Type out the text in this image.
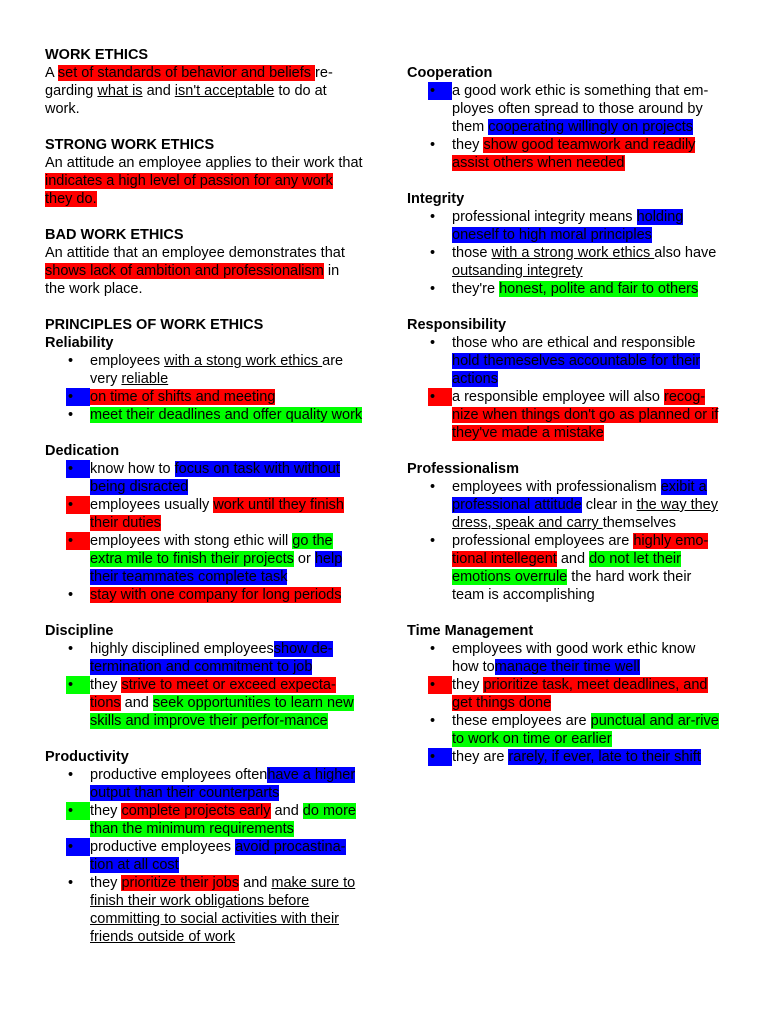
WORK ETHICS

A set of standards of behavior and beliefs re-garding what is and isn't acceptable to do at work.

STRONG WORK ETHICS

An attitude an employee applies to their work that indicates a high level of passion for any work they do.

BAD WORK ETHICS

An attitide that an employee demonstrates that shows lack of ambition and professionalism in the work place.

PRINCIPLES OF WORK ETHICS
Reliability
•
employees with a stong work ethics are very reliable
•
on time of shifts and meeting
•
meet their deadlines and offer quality work
Dedication
•
know how to focus on task with without being disracted
•
employees usually work until they finish their duties
•
employees with stong ethic will go the extra mile to finish their projects or help their teammates complete task
•
stay with one company for long periods
Discipline
•
highly disciplined employeesshow de-termination and commitment to job
•
they strive to meet or exceed expecta-tions and seek opportunities to learn new skills and improve their perfor-mance
Productivity
•
productive employees oftenhave a higher output than their counterparts
•
they complete projects early and do more than the minimum requirements
•
productive employees avoid procastina-tion at all cost
•
they prioritize their jobs and make sure to finish their work obligations before committing to social activities with their friends outside of work
Cooperation
•
a good work ethic is something that em-ployes often spread to those around by them cooperating willingly on projects
•
they show good teamwork and readily assist others when needed
Integrity
•
professional integrity means holding oneself to high moral principles
•
those with a strong work ethics also have outsanding integrety
•
they're honest, polite and fair to others
Responsibility
•
those who are ethical and responsible hold themeselves accountable for their actions
•
a responsible employee will also recog-nize when things don't go as planned or if they've made a mistake
Professionalism
•
employees with professionalism exibit a professional attitude clear in the way they dress, speak and carry themselves
•
professional employees are highly emo-tional intellegent and do not let their emotions overrule the hard work their team is accomplishing
Time Management
•
employees with good work ethic know how tomanage their time well
•
they prioritize task, meet deadlines, and get things done
•
these employees are punctual and ar-rive to work on time or earlier
•
they are rarely, if ever, late to their shift
